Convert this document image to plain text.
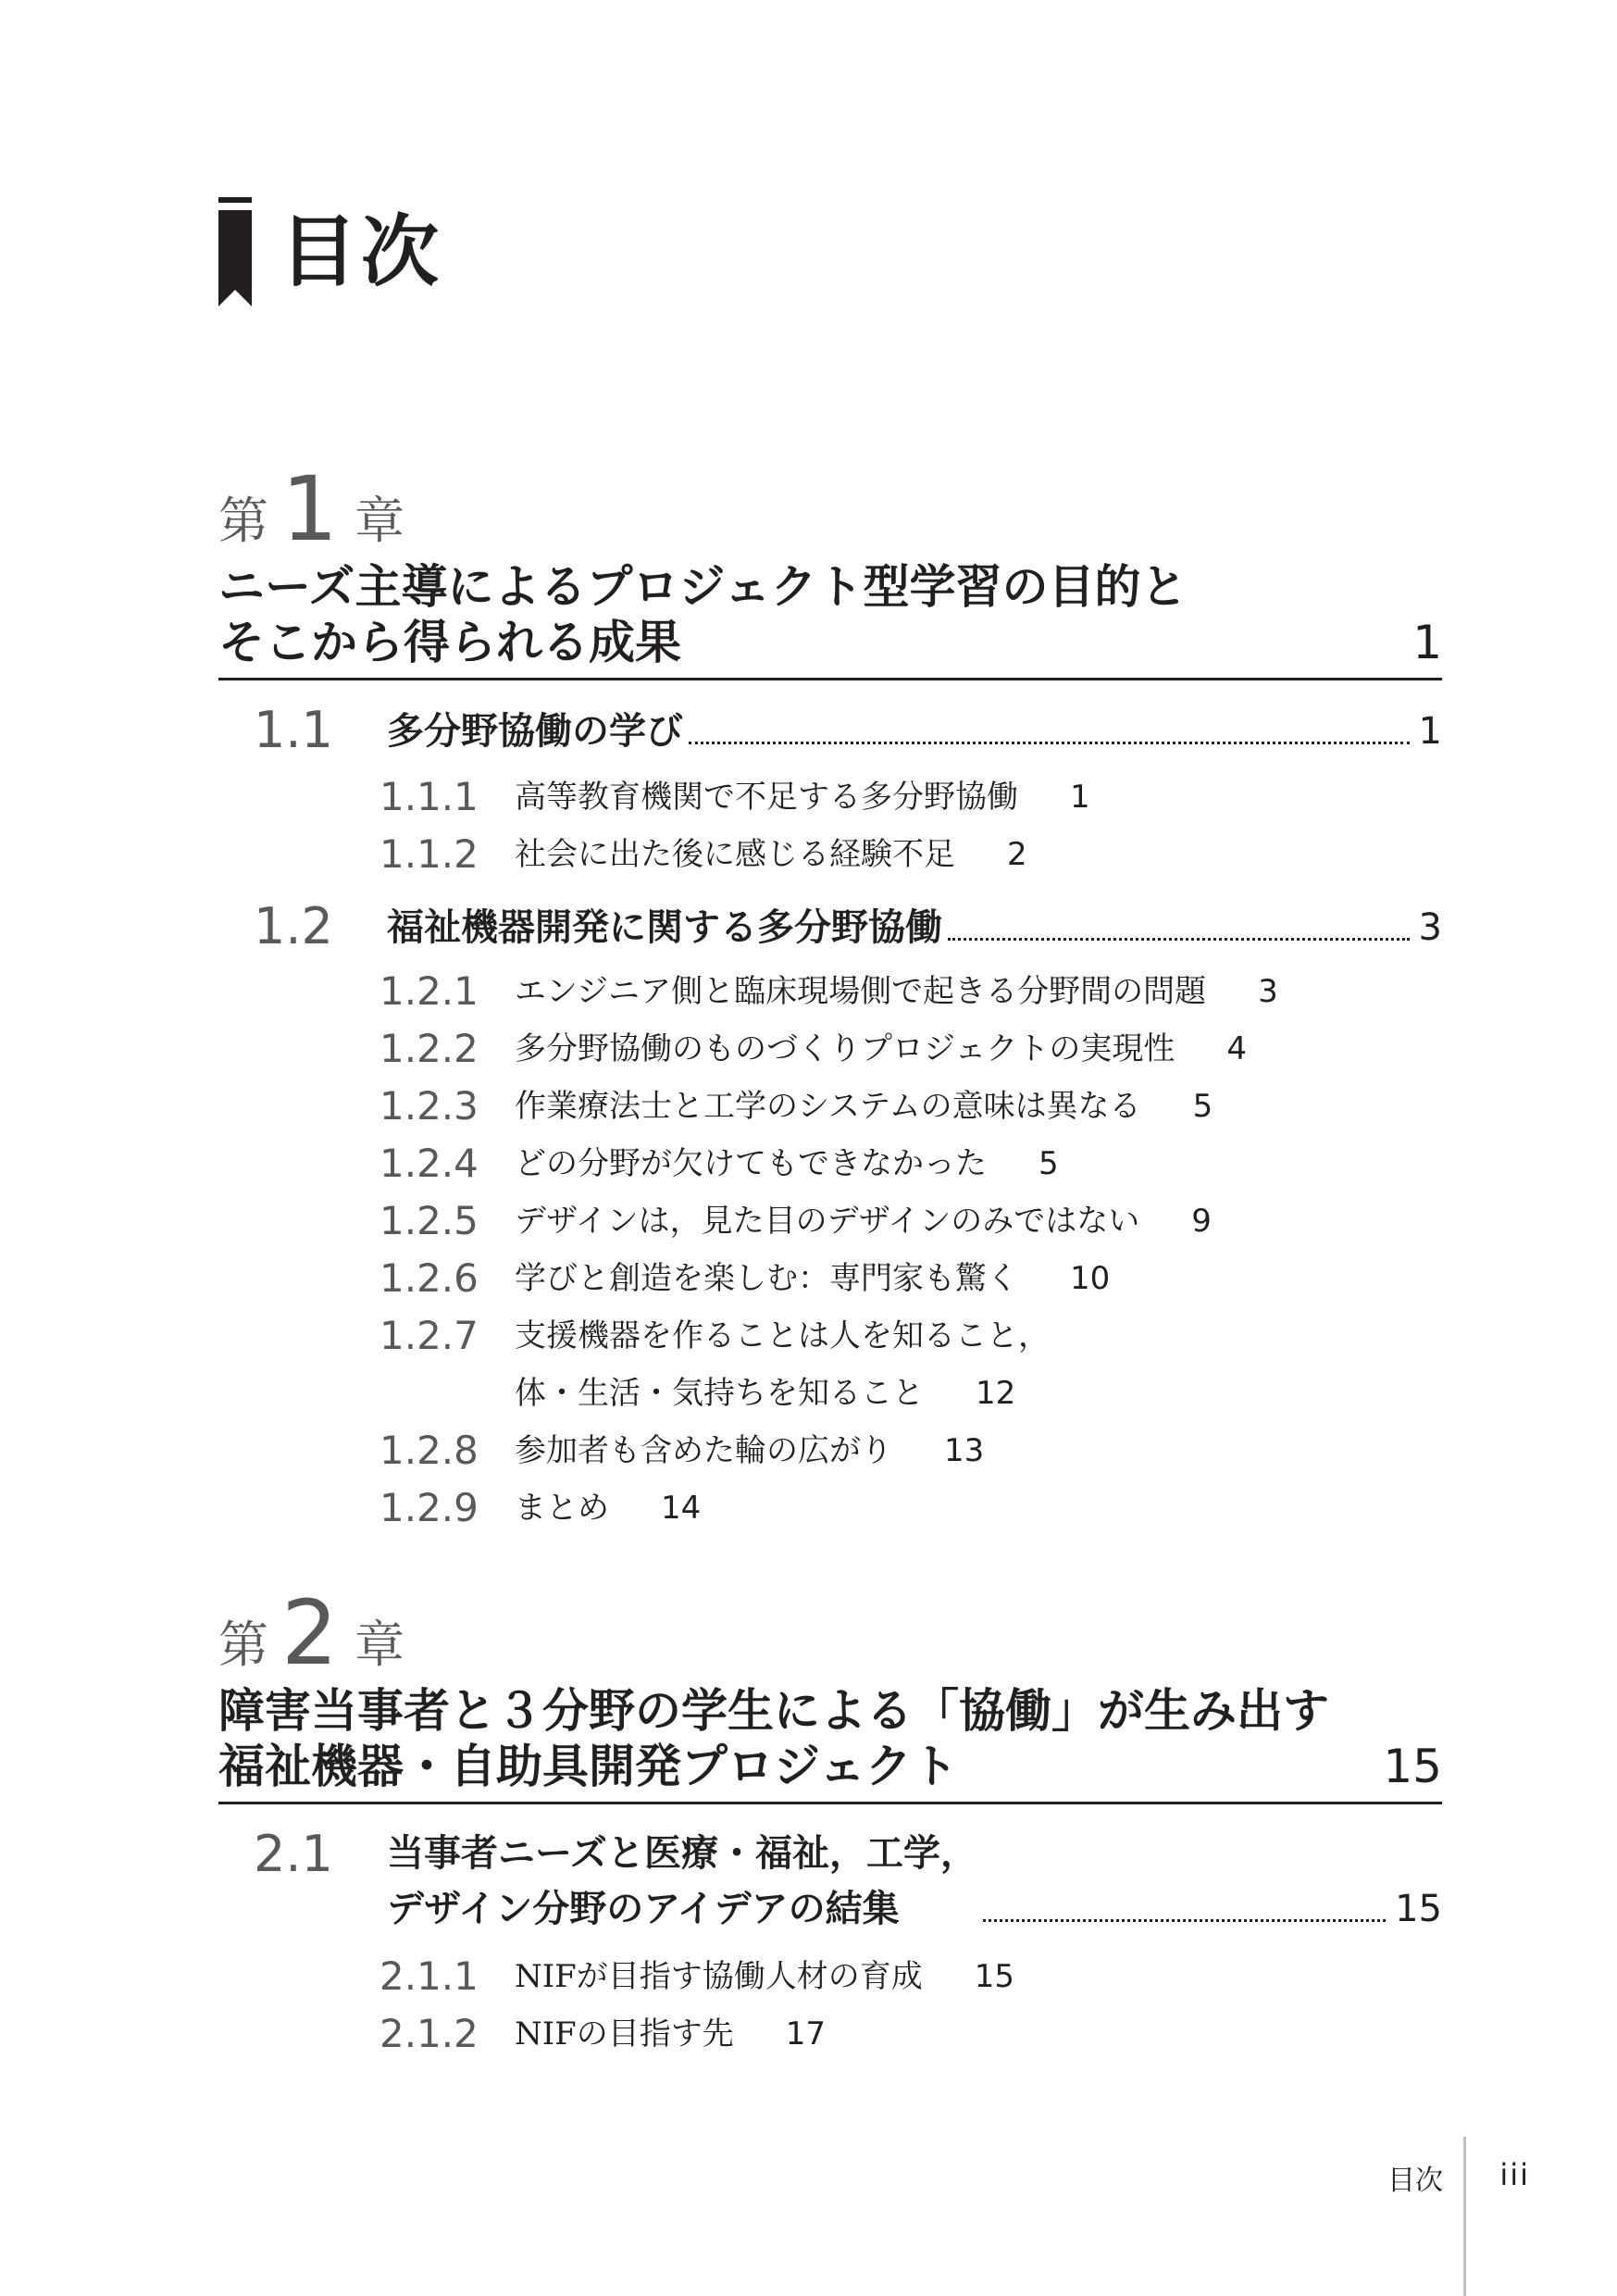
目次
第 1 章
ニーズ主導によるプロジェクト型学習の目的と
そこから得られる成果	1
1.1	多分野協働の学び	1
1.1.1	高等教育機関で不足する多分野協働 1
1.1.2	社会に出た後に感じる経験不足 2
1.2	福祉機器開発に関する多分野協働	3
1.2.1	エンジニア側と臨床現場側で起きる分野間の問題 3
1.2.2	多分野協働のものづくりプロジェクトの実現性 4
1.2.3	作業療法士と工学のシステムの意味は異なる 5
1.2.4	どの分野が欠けてもできなかった 5
1.2.5	デザインは，見た目のデザインのみではない 9
1.2.6	学びと創造を楽しむ：専門家も驚く 10
1.2.7	支援機器を作ることは人を知ること，
体・生活・気持ちを知ること 12
1.2.8	参加者も含めた輪の広がり 13
1.2.9	まとめ 14
第 2 章
障害当事者と３分野の学生による「協働」が生み出す
福祉機器・自助具開発プロジェクト	15
2.1	当事者ニーズと医療・福祉，工学，
デザイン分野のアイデアの結集	15
2.1.1	NIFが目指す協働人材の育成 15
2.1.2	NIFの目指す先 17
目次 iii
